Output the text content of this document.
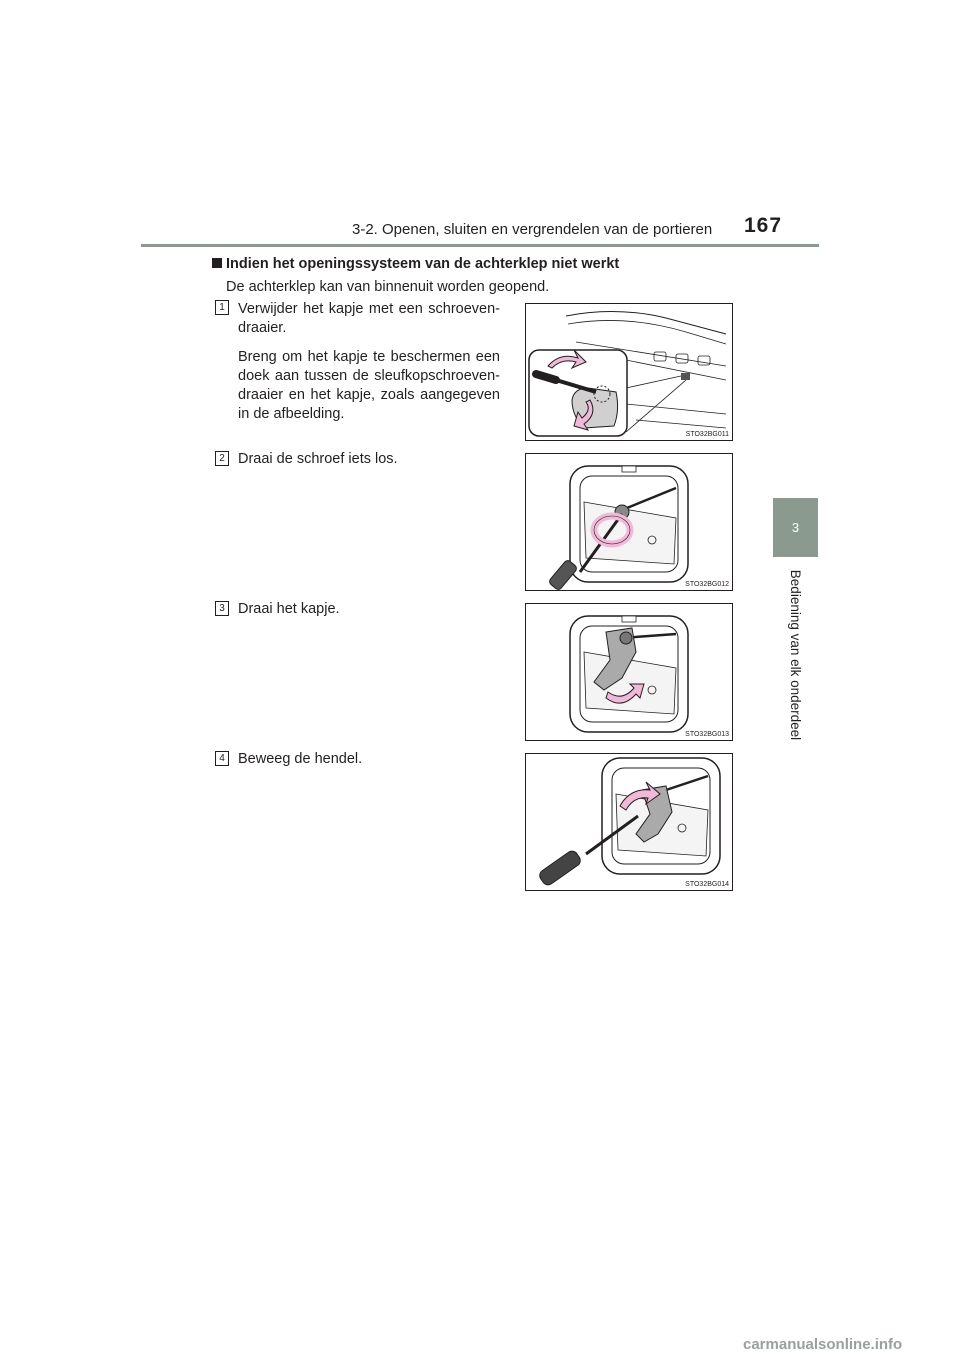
3-2. Openen, sluiten en vergrendelen van de portieren 167
3
Bediening van elk onderdeel
Indien het openingssysteem van de achterklep niet werkt
De achterklep kan van binnenuit worden geopend.
1 Verwijder het kapje met een schroeven-draaier.

Breng om het kapje te beschermen een doek aan tussen de sleufkopschroeven-draaier en het kapje, zoals aangegeven in de afbeelding.

STO32BG011
2 Draai de schroef iets los.
STO32BG012
3 Draai het kapje.
STO32BG013
4 Beweeg de hendel.
STO32BG014
carmanualsonline.info
